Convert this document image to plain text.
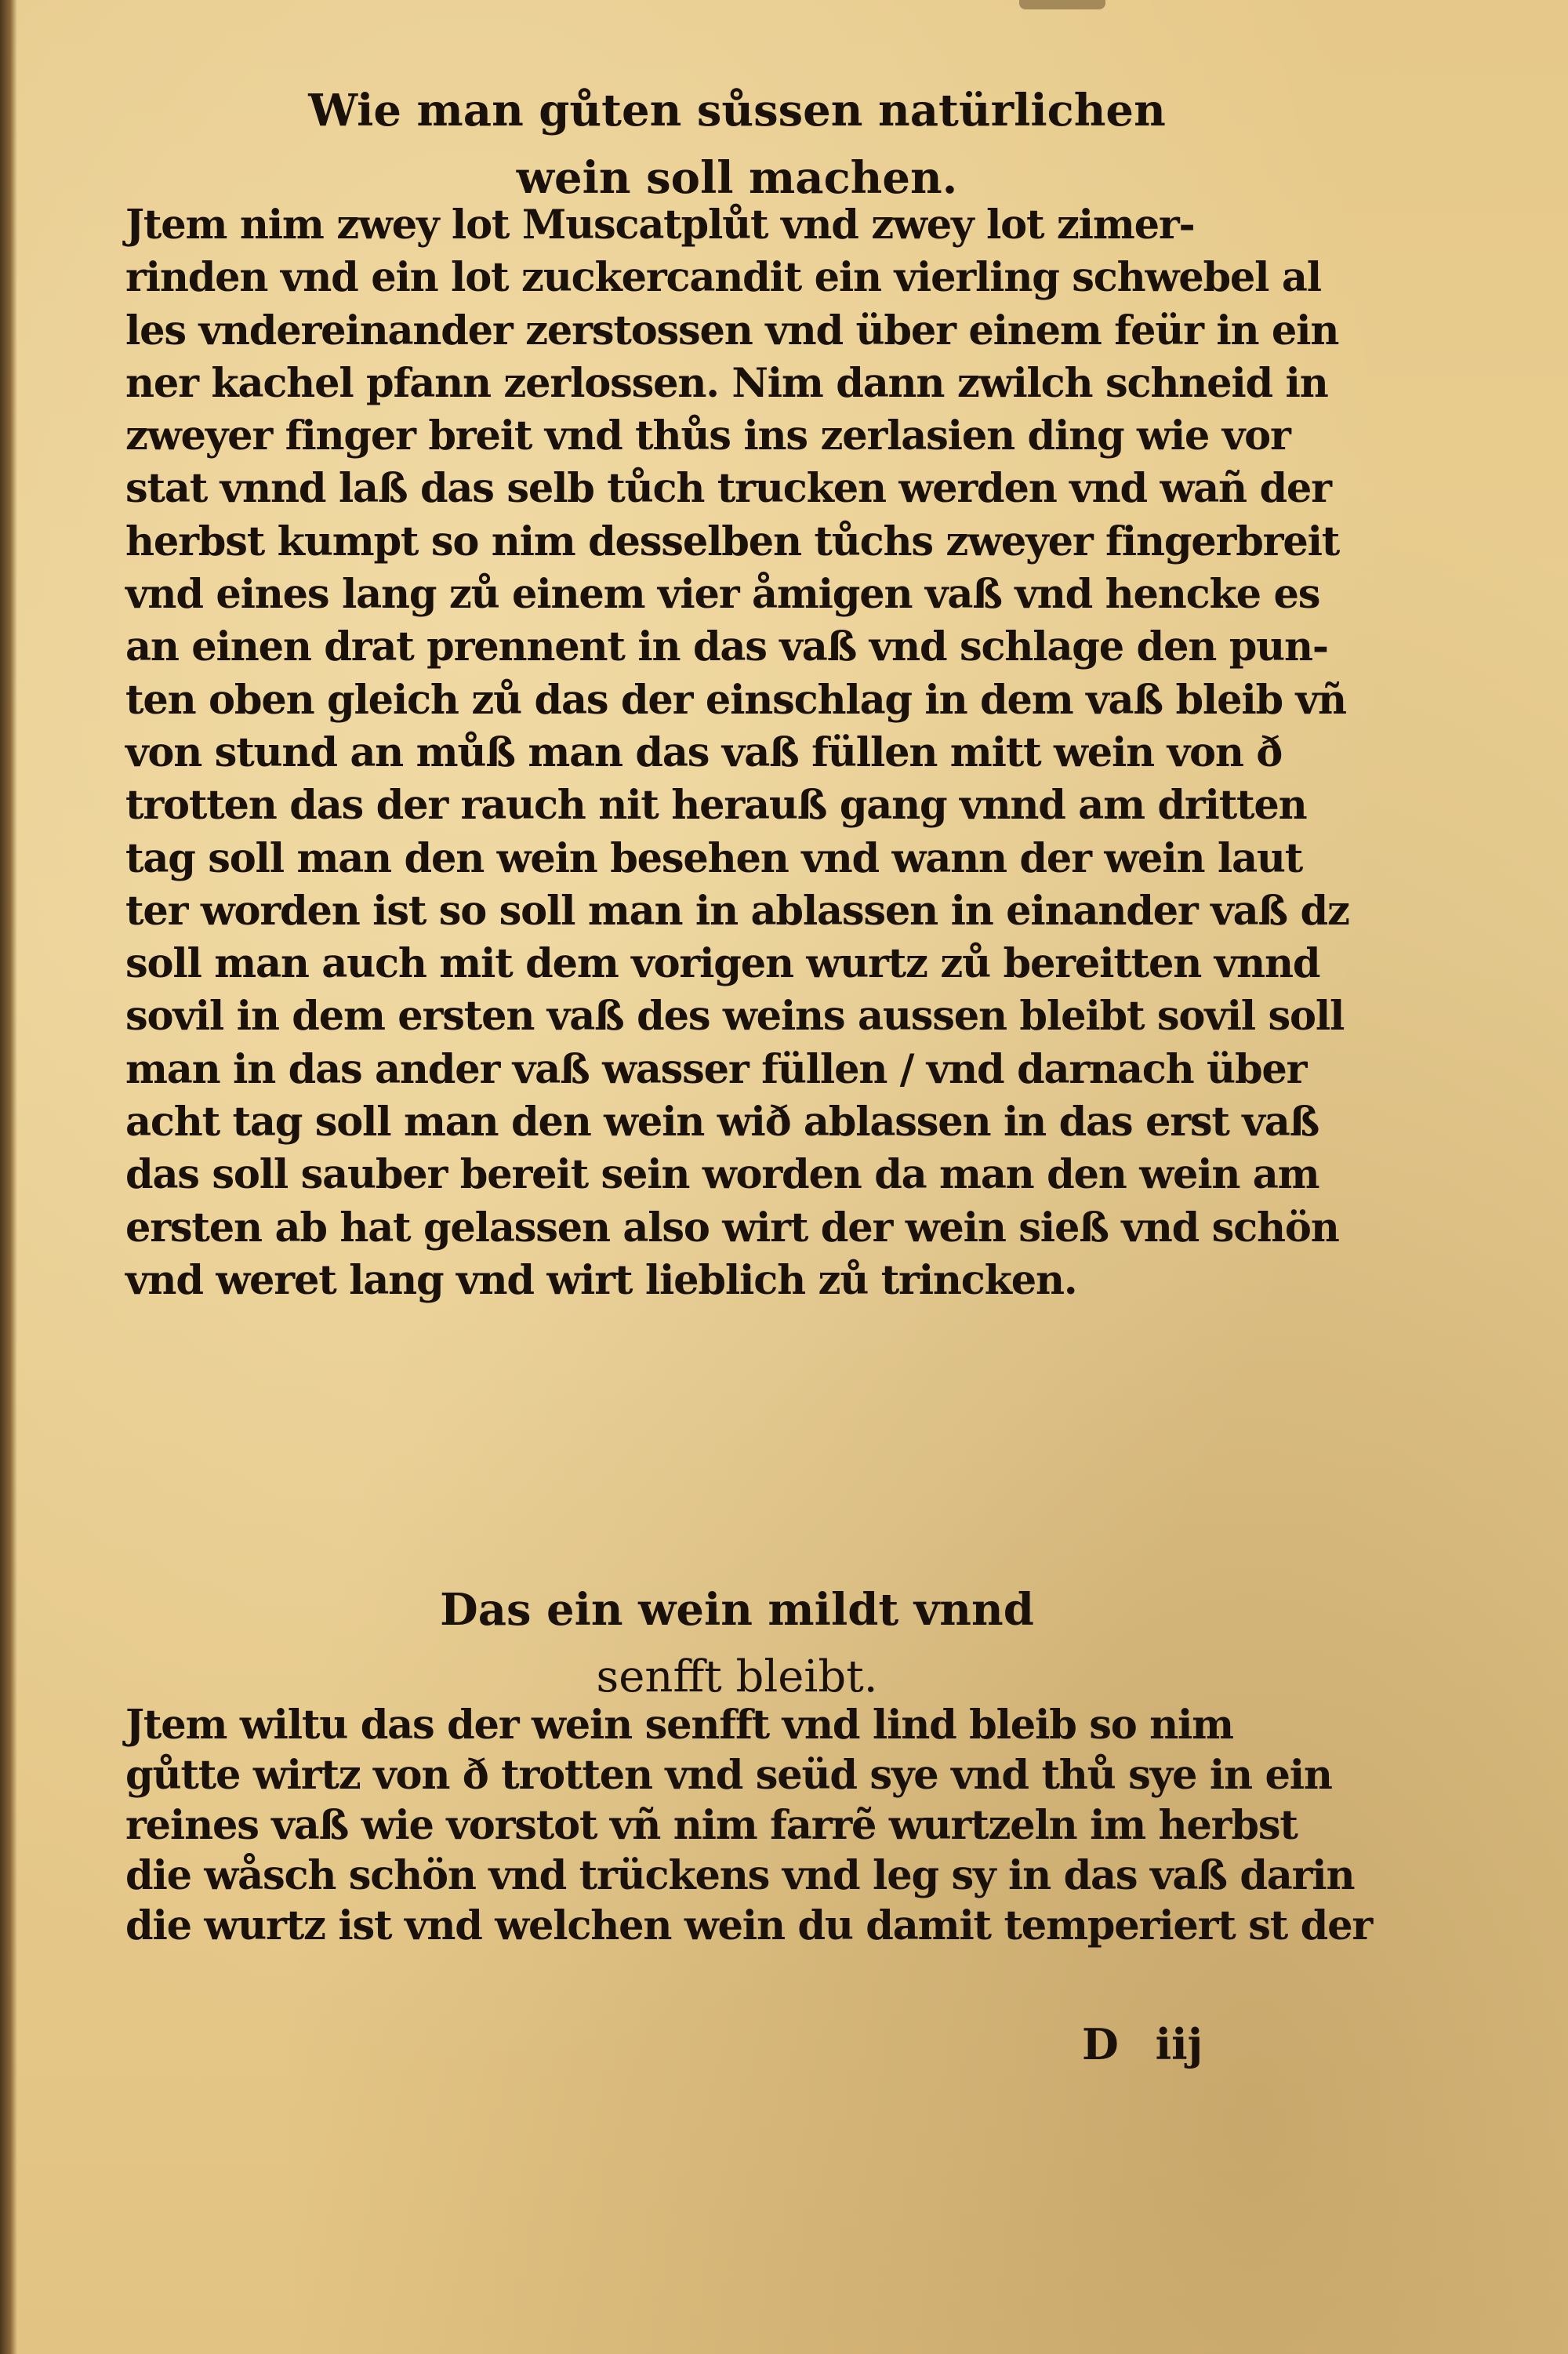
Wie man gůten sůssen natürlichen
wein soll machen.
Jtem nim zwey lot Muscatplůt vnd zwey lot zimer-
rinden vnd ein lot zuckercandit ein vierling schwebel al
les vndereinander zerstossen vnd über einem feür in ein
ner kachel pfann zerlossen. Nim dann zwilch schneid in
zweyer finger breit vnd thůs ins zerlasien ding wie vor
stat vnnd laß das selb tůch trucken werden vnd wañ der
herbst kumpt so nim desselben tůchs zweyer fingerbreit
vnd eines lang zů einem vier åmigen vaß vnd hencke es
an einen drat prennent in das vaß vnd schlage den pun-
ten oben gleich zů das der einschlag in dem vaß bleib vñ
von stund an můß man das vaß füllen mitt wein von ð
trotten das der rauch nit herauß gang vnnd am dritten
tag soll man den wein besehen vnd wann der wein laut
ter worden ist so soll man in ablassen in einander vaß dz
soll man auch mit dem vorigen wurtz zů bereitten vnnd
sovil in dem ersten vaß des weins aussen bleibt sovil soll
man in das ander vaß wasser füllen / vnd darnach über
acht tag soll man den wein wið ablassen in das erst vaß
das soll sauber bereit sein worden da man den wein am
ersten ab hat gelassen also wirt der wein sieß vnd schön
vnd weret lang vnd wirt lieblich zů trincken.
Das ein wein mildt vnnd
senfft bleibt.
Jtem wiltu das der wein senfft vnd lind bleib so nim
gůtte wirtz von ð trotten vnd seüd sye vnd thů sye in ein
reines vaß wie vorstot vñ nim farrẽ wurtzeln im herbst
die wåsch schön vnd trückens vnd leg sy in das vaß darin
die wurtz ist vnd welchen wein du damit temperiert st der
D iij
